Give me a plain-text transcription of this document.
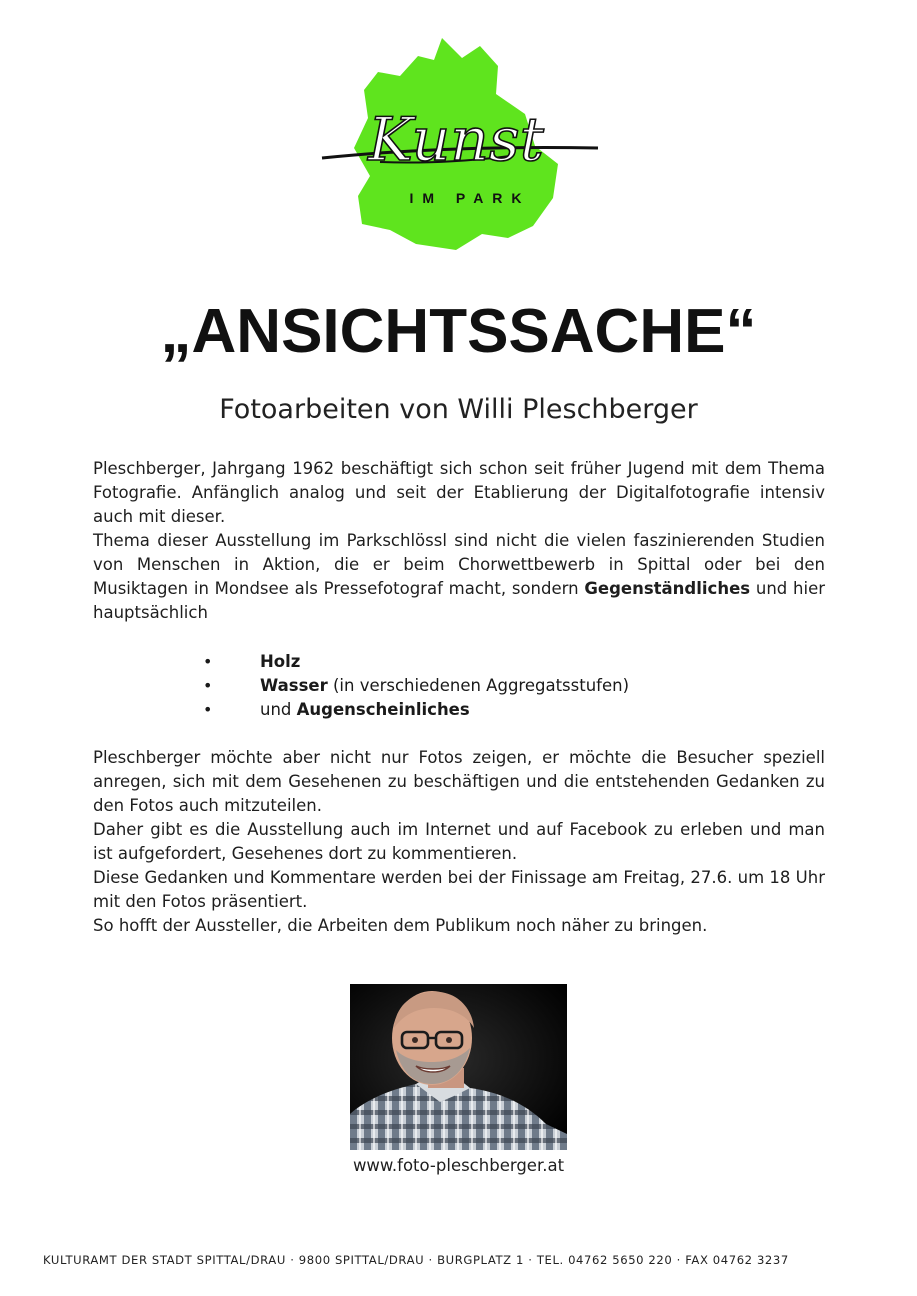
Kunst
IM PARK
„ANSICHTSSACHE“
Fotoarbeiten von Willi Pleschberger

Pleschberger, Jahrgang 1962 beschäftigt sich schon seit früher Jugend mit dem Thema Fotografie. Anfänglich analog und seit der Etablierung der Digitalfotografie intensiv auch mit dieser.

Thema dieser Ausstellung im Parkschlössl sind nicht die vielen faszinierenden Studien von Menschen in Aktion, die er beim Chorwettbewerb in Spittal oder bei den Musiktagen in Mondsee als Pressefotograf macht, sondern Gegenständliches und hier hauptsächlich

•	Holz
•	Wasser (in verschiedenen Aggregatsstufen)
•	und Augenscheinliches

Pleschberger möchte aber nicht nur Fotos zeigen, er möchte die Besucher speziell anregen, sich mit dem Gesehenen zu beschäftigen und die entstehenden Gedanken zu den Fotos auch mitzuteilen.

Daher gibt es die Ausstellung auch im Internet und auf Facebook zu erleben und man ist aufgefordert, Gesehenes dort zu kommentieren.

Diese Gedanken und Kommentare werden bei der Finissage am Freitag, 27.6. um 18 Uhr mit den Fotos präsentiert.

So hofft der Aussteller, die Arbeiten dem Publikum noch näher zu bringen.

www.foto-pleschberger.at
KULTURAMT DER STADT SPITTAL/DRAU · 9800 SPITTAL/DRAU · BURGPLATZ 1 · TEL. 04762 5650 220 · FAX 04762 3237
